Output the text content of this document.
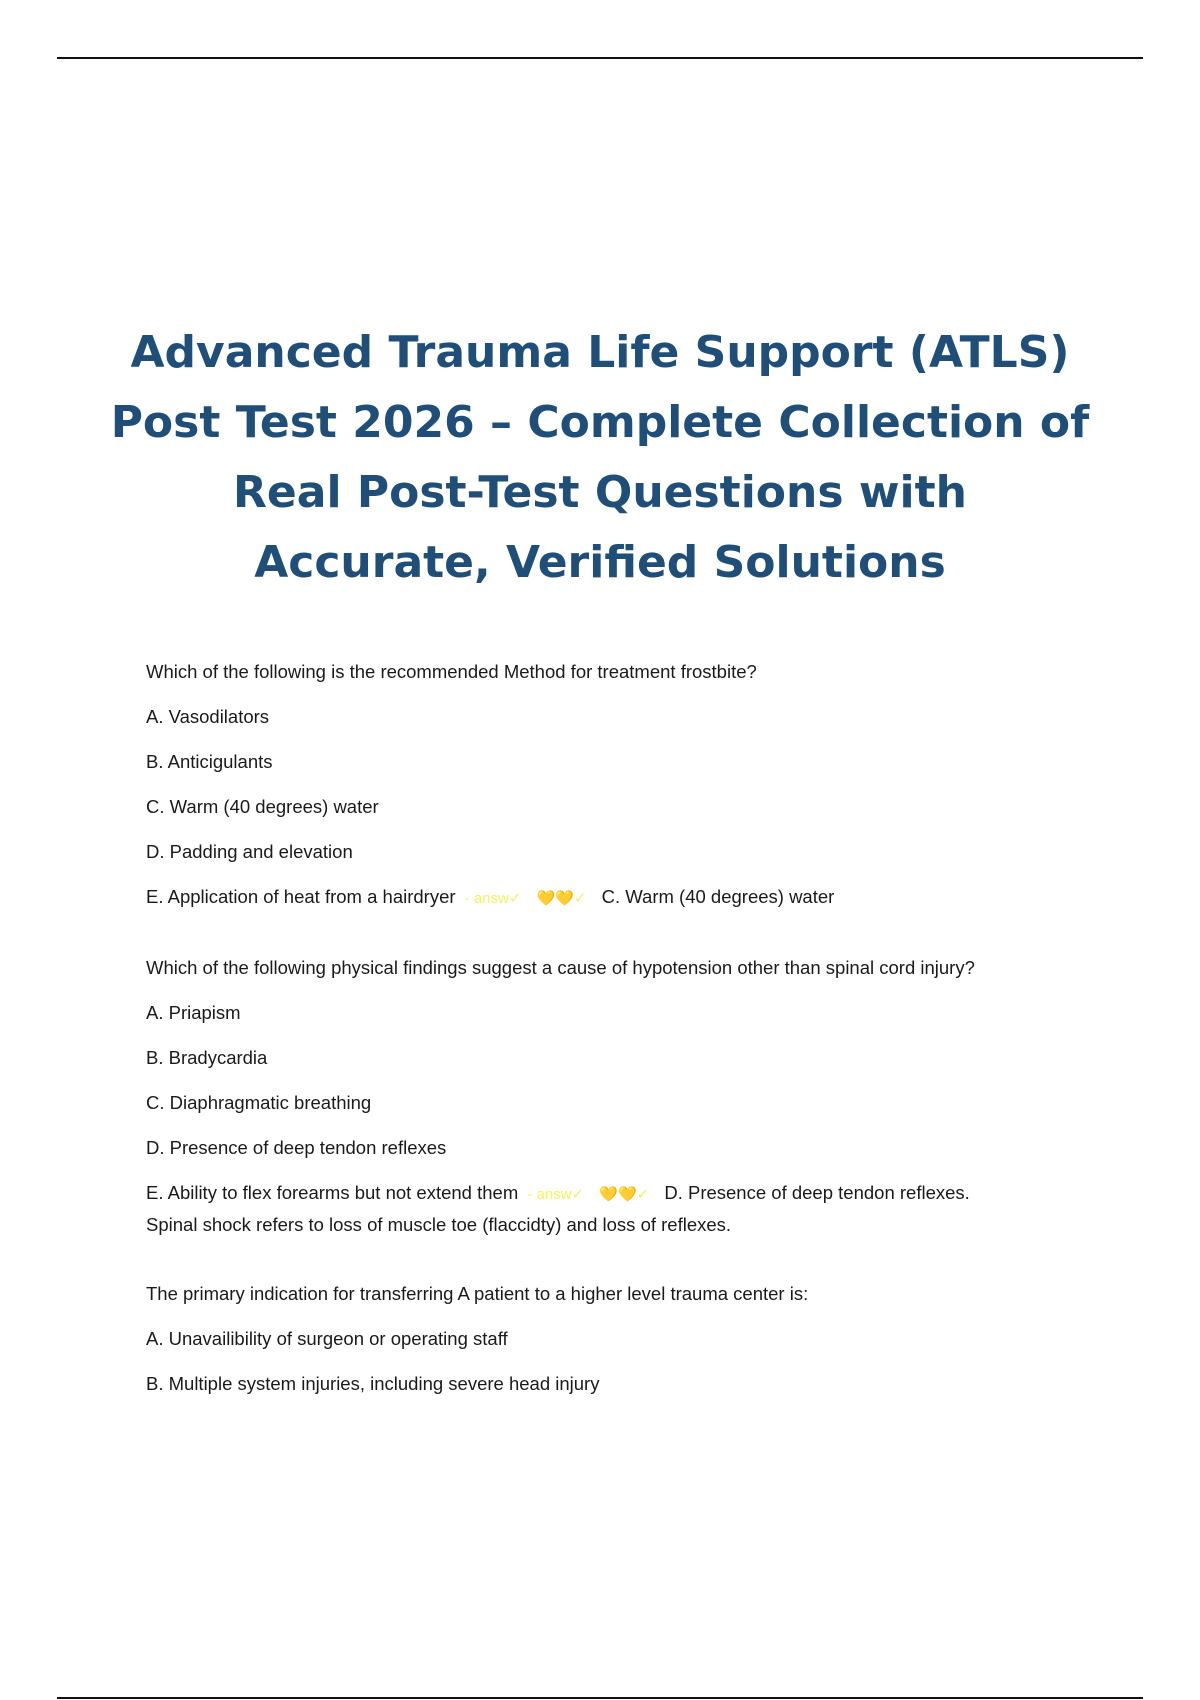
Advanced Trauma Life Support (ATLS) Post Test 2026 – Complete Collection of Real Post-Test Questions with Accurate, Verified Solutions

Which of the following is the recommended Method for treatment frostbite?

A. Vasodilators

B. Anticigulants

C. Warm (40 degrees) water

D. Padding and elevation

E. Application of heat from a hairdryer - answ✓ 💛💛✓ C. Warm (40 degrees) water

Which of the following physical findings suggest a cause of hypotension other than spinal cord injury?

A. Priapism

B. Bradycardia

C. Diaphragmatic breathing

D. Presence of deep tendon reflexes

E. Ability to flex forearms but not extend them - answ✓ 💛💛✓ D. Presence of deep tendon reflexes.

Spinal shock refers to loss of muscle toe (flaccidty) and loss of reflexes.

The primary indication for transferring A patient to a higher level trauma center is:

A. Unavailibility of surgeon or operating staff

B. Multiple system injuries, including severe head injury
